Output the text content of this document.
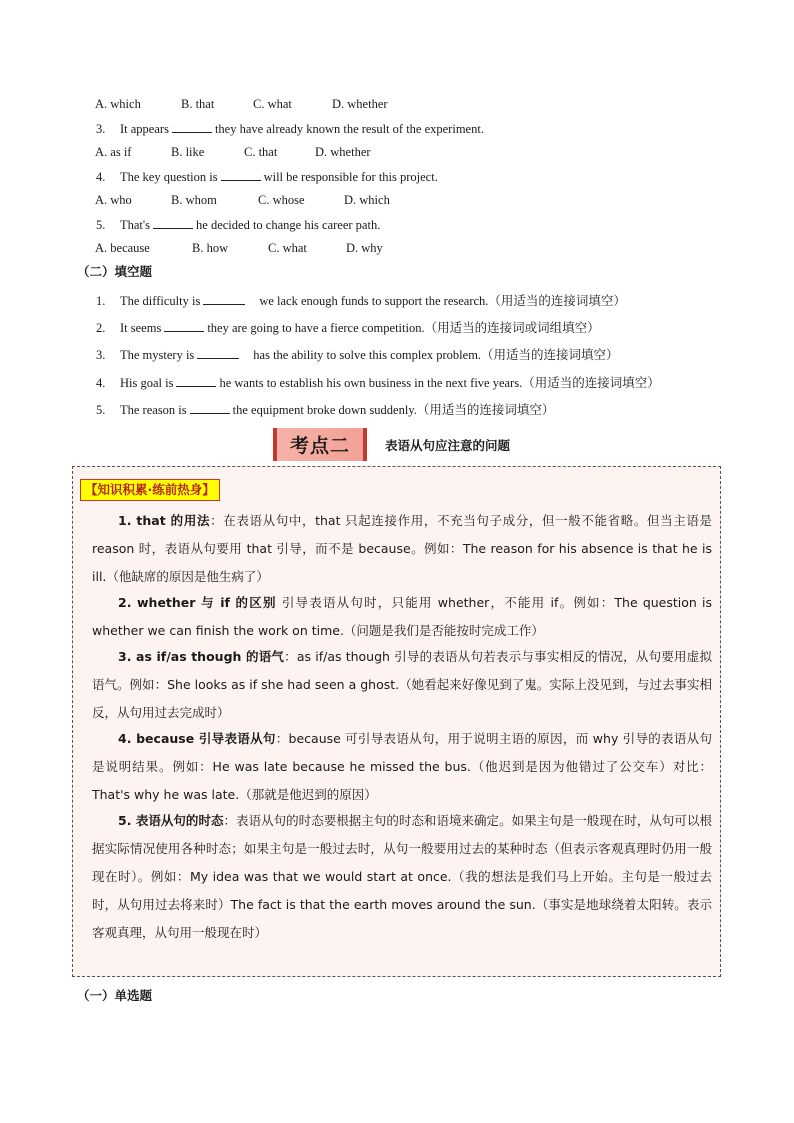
A. which	B. that	C. what	D. whether
3. It appears	they have already known the result of the experiment.
A. as if	B. like	C. that	D. whether
4. The key question is	will be responsible for this project.
A. who	B. whom	C. whose	D. which
5. That's	he decided to change his career path.
A. because	B. how	C. what	D. why
（二）填空题
1. The difficulty is	we lack enough funds to support the research.（用适当的连接词填空）
2. It seems	they are going to have a fierce competition.（用适当的连接词或词组填空）
3. The mystery is	has the ability to solve this complex problem.（用适当的连接词填空）
4. His goal is	he wants to establish his own business in the next five years.（用适当的连接词填空）
5. The reason is	the equipment broke down suddenly.（用适当的连接词填空）
考点二	表语从句应注意的问题
【知识积累·练前热身】
1. that 的用法：在表语从句中，that 只起连接作用，不充当句子成分，但一般不能省略。但当主语是 reason 时，表语从句要用 that 引导，而不是 because。例如：The reason for his absence is that he is ill.（他缺席的原因是他生病了）
2. whether 与 if 的区别 引导表语从句时，只能用 whether，不能用 if。例如：The question is whether we can finish the work on time.（问题是我们是否能按时完成工作）
3. as if/as though 的语气：as if/as though 引导的表语从句若表示与事实相反的情况，从句要用虚拟语气。例如：She looks as if she had seen a ghost.（她看起来好像见到了鬼。实际上没见到，与过去事实相反，从句用过去完成时）
4. because 引导表语从句：because 可引导表语从句，用于说明主语的原因，而 why 引导的表语从句是说明结果。例如：He was late because he missed the bus.（他迟到是因为他错过了公交车）对比：That's why he was late.（那就是他迟到的原因）
5. 表语从句的时态：表语从句的时态要根据主句的时态和语境来确定。如果主句是一般现在时，从句可以根据实际情况使用各种时态；如果主句是一般过去时，从句一般要用过去的某种时态（但表示客观真理时仍用一般现在时）。例如：My idea was that we would start at once.（我的想法是我们马上开始。主句是一般过去时，从句用过去将来时）The fact is that the earth moves around the sun.（事实是地球绕着太阳转。表示客观真理，从句用一般现在时）
（一）单选题
